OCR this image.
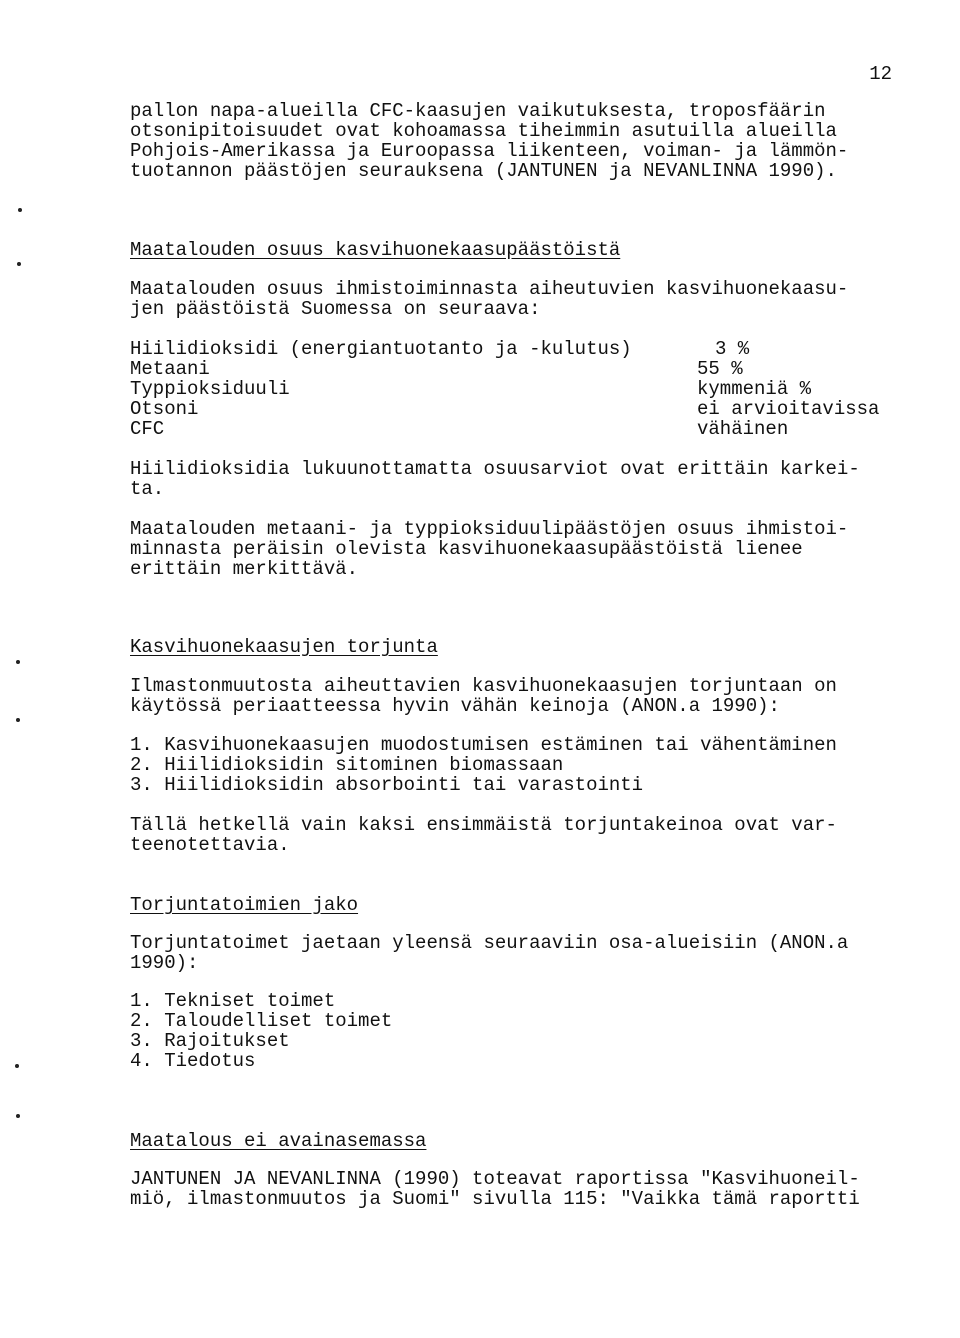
12
pallon napa-alueilla CFC-kaasujen vaikutuksesta, troposfäärin
otsonipitoisuudet ovat kohoamassa tiheimmin asutuilla alueilla
Pohjois-Amerikassa ja Euroopassa liikenteen, voiman- ja lämmön-
tuotannon päästöjen seurauksena (JANTUNEN ja NEVANLINNA 1990).
Maatalouden osuus kasvihuonekaasupäästöistä
Maatalouden osuus ihmistoiminnasta aiheutuvien kasvihuonekaasu-
jen päästöistä Suomessa on seuraava:

Hiilidioksidi (energiantuotanto ja -kulutus)

	3 %

Metaani

	55 %

Typpioksiduuli

	kymmeniä %

Otsoni

	ei arvioitavissa

CFC

	vähäinen

Hiilidioksidia lukuunottamatta osuusarviot ovat erittäin karkei-
ta.
Maatalouden metaani- ja typpioksiduulipäästöjen osuus ihmistoi-
minnasta peräisin olevista kasvihuonekaasupäästöistä lienee
erittäin merkittävä.
Kasvihuonekaasujen torjunta
Ilmastonmuutosta aiheuttavien kasvihuonekaasujen torjuntaan on
käytössä periaatteessa hyvin vähän keinoja (ANON.a 1990):
1. Kasvihuonekaasujen muodostumisen estäminen tai vähentäminen
2. Hiilidioksidin sitominen biomassaan
3. Hiilidioksidin absorbointi tai varastointi
Tällä hetkellä vain kaksi ensimmäistä torjuntakeinoa ovat var-
teenotettavia.
Torjuntatoimien jako
Torjuntatoimet jaetaan yleensä seuraaviin osa-alueisiin (ANON.a
1990):
1. Tekniset toimet
2. Taloudelliset toimet
3. Rajoitukset
4. Tiedotus
Maatalous ei avainasemassa
JANTUNEN JA NEVANLINNA (1990) toteavat raportissa "Kasvihuoneil-
miö, ilmastonmuutos ja Suomi" sivulla 115: "Vaikka tämä raportti
